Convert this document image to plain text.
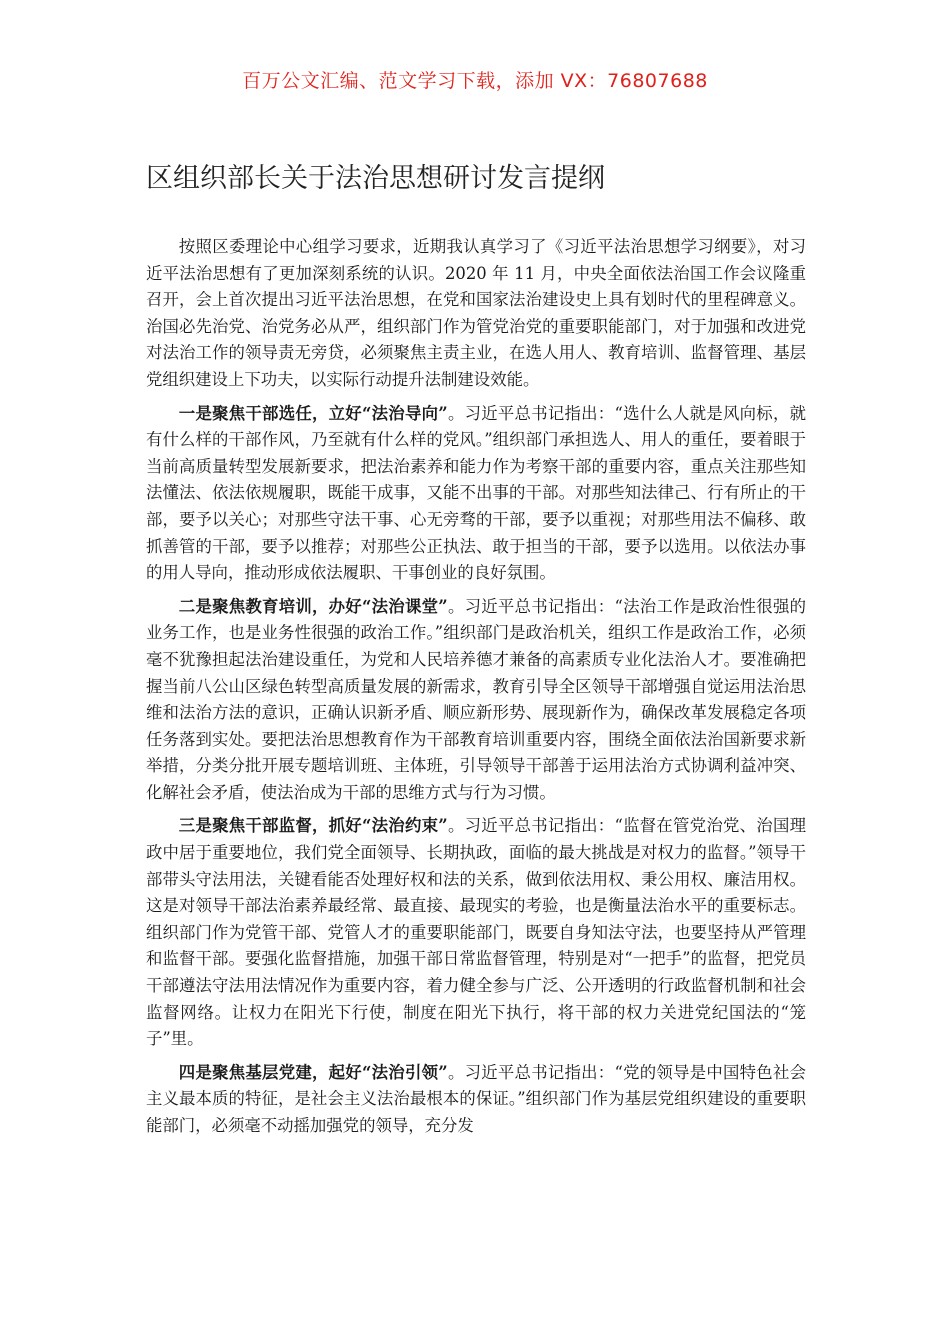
百万公文汇编、范文学习下载，添加 VX：76807688
区组织部长关于法治思想研讨发言提纲

按照区委理论中心组学习要求，近期我认真学习了《习近平法治思想学习纲要》，对习近平法治思想有了更加深刻系统的认识。2020 年 11 月，中央全面依法治国工作会议隆重召开，会上首次提出习近平法治思想，在党和国家法治建设史上具有划时代的里程碑意义。治国必先治党、治党务必从严，组织部门作为管党治党的重要职能部门，对于加强和改进党对法治工作的领导责无旁贷，必须聚焦主责主业，在选人用人、教育培训、监督管理、基层党组织建设上下功夫，以实际行动提升法制建设效能。

一是聚焦干部选任，立好“法治导向”。习近平总书记指出：“选什么人就是风向标，就有什么样的干部作风，乃至就有什么样的党风。”组织部门承担选人、用人的重任，要着眼于当前高质量转型发展新要求，把法治素养和能力作为考察干部的重要内容，重点关注那些知法懂法、依法依规履职，既能干成事，又能不出事的干部。对那些知法律己、行有所止的干部，要予以关心；对那些守法干事、心无旁骛的干部，要予以重视；对那些用法不偏移、敢抓善管的干部，要予以推荐；对那些公正执法、敢于担当的干部，要予以选用。以依法办事的用人导向，推动形成依法履职、干事创业的良好氛围。

二是聚焦教育培训，办好“法治课堂”。习近平总书记指出：“法治工作是政治性很强的业务工作，也是业务性很强的政治工作。”组织部门是政治机关，组织工作是政治工作，必须毫不犹豫担起法治建设重任，为党和人民培养德才兼备的高素质专业化法治人才。要准确把握当前八公山区绿色转型高质量发展的新需求，教育引导全区领导干部增强自觉运用法治思维和法治方法的意识，正确认识新矛盾、顺应新形势、展现新作为，确保改革发展稳定各项任务落到实处。要把法治思想教育作为干部教育培训重要内容，围绕全面依法治国新要求新举措，分类分批开展专题培训班、主体班，引导领导干部善于运用法治方式协调利益冲突、化解社会矛盾，使法治成为干部的思维方式与行为习惯。

三是聚焦干部监督，抓好“法治约束”。习近平总书记指出：“监督在管党治党、治国理政中居于重要地位，我们党全面领导、长期执政，面临的最大挑战是对权力的监督。”领导干部带头守法用法，关键看能否处理好权和法的关系，做到依法用权、秉公用权、廉洁用权。这是对领导干部法治素养最经常、最直接、最现实的考验，也是衡量法治水平的重要标志。组织部门作为党管干部、党管人才的重要职能部门，既要自身知法守法，也要坚持从严管理和监督干部。要强化监督措施，加强干部日常监督管理，特别是对“一把手”的监督，把党员干部遵法守法用法情况作为重要内容，着力健全参与广泛、公开透明的行政监督机制和社会监督网络。让权力在阳光下行使，制度在阳光下执行，将干部的权力关进党纪国法的“笼子”里。

四是聚焦基层党建，起好“法治引领”。习近平总书记指出：“党的领导是中国特色社会主义最本质的特征，是社会主义法治最根本的保证。”组织部门作为基层党组织建设的重要职能部门，必须毫不动摇加强党的领导，充分发
